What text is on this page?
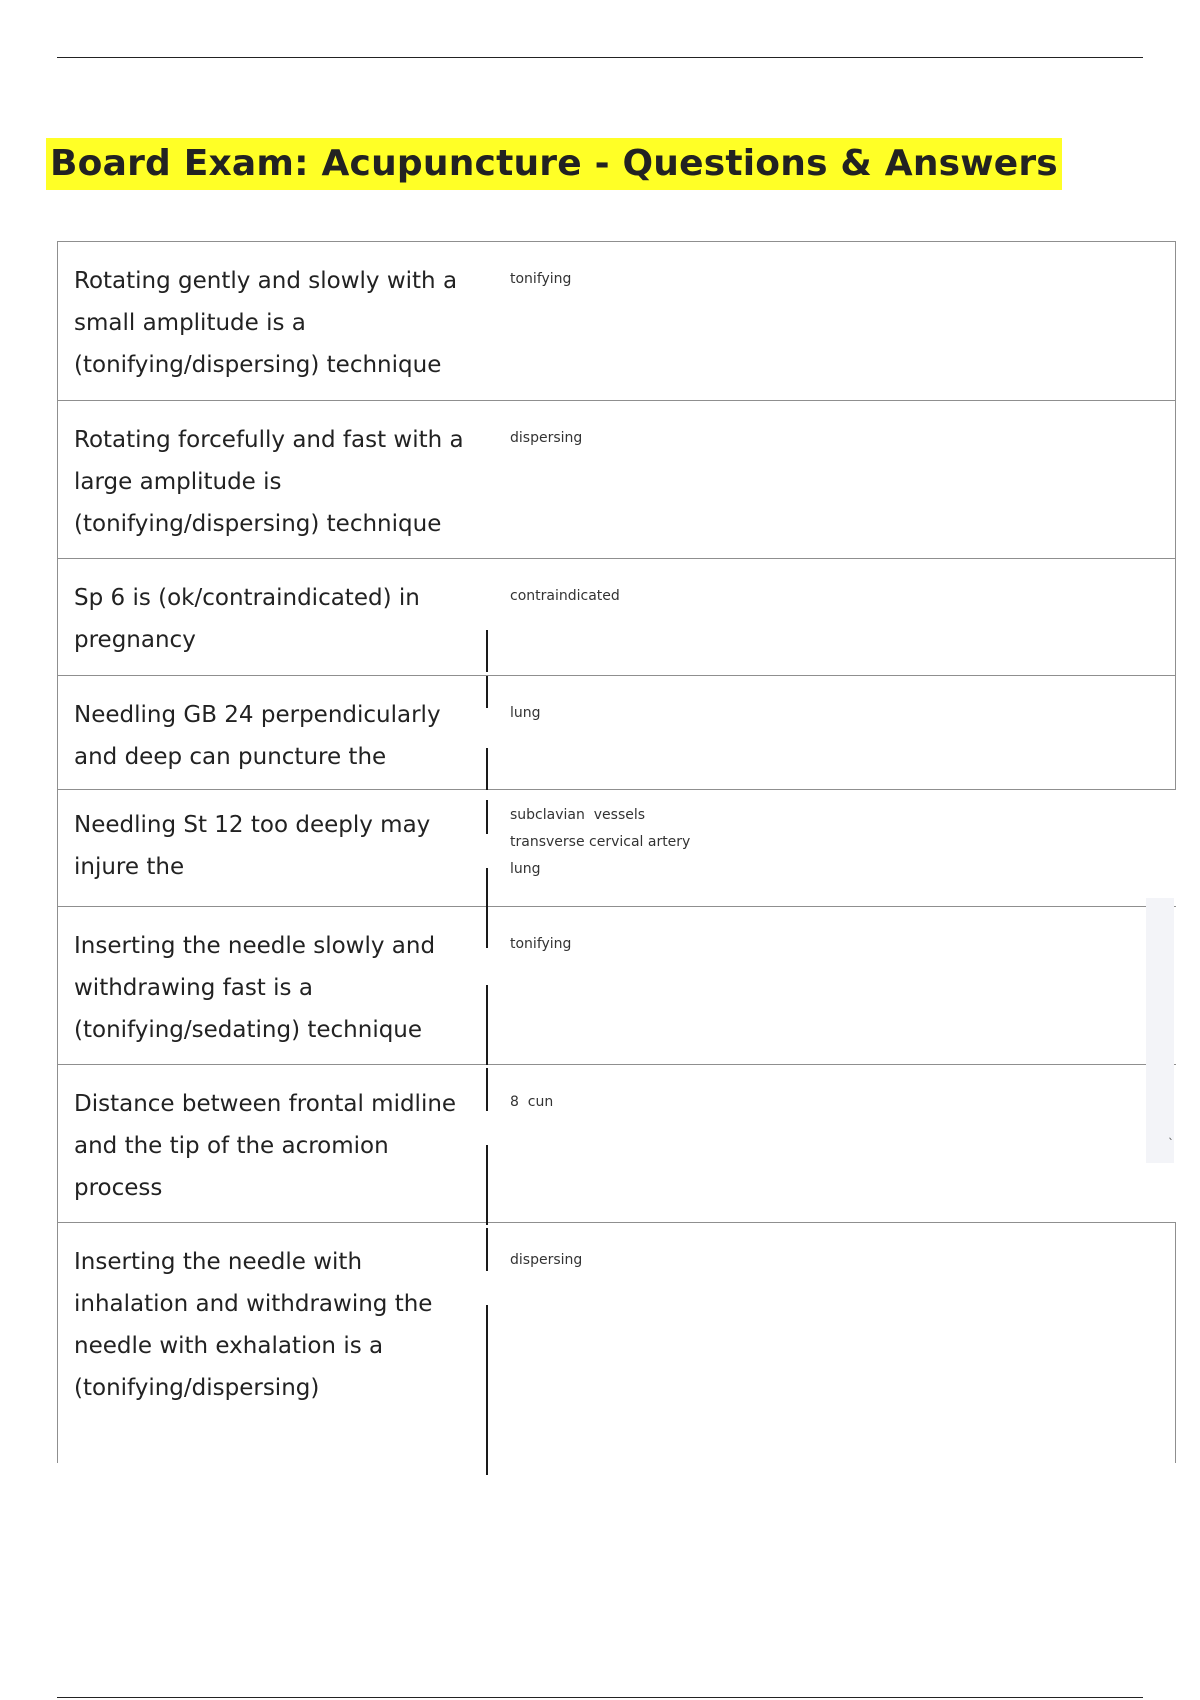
Board Exam: Acupuncture - Questions & Answers
Rotating gently and slowly with a small amplitude is a (tonifying/dispersing) technique
tonifying
Rotating forcefully and fast with a large amplitude is (tonifying/dispersing) technique
dispersing
Sp 6 is (ok/contraindicated) in pregnancy
contraindicated
Needling GB 24 perpendicularly and deep can puncture the
lung
Needling St 12 too deeply may injure the
subclavian  vessels
transverse cervical artery
lung
Inserting the needle slowly and withdrawing fast is a (tonifying/sedating) technique
tonifying
Distance between frontal midline and the tip of the acromion process
8  cun
Inserting the needle with inhalation and withdrawing the needle with exhalation is a (tonifying/dispersing)
dispersing
ˎ
